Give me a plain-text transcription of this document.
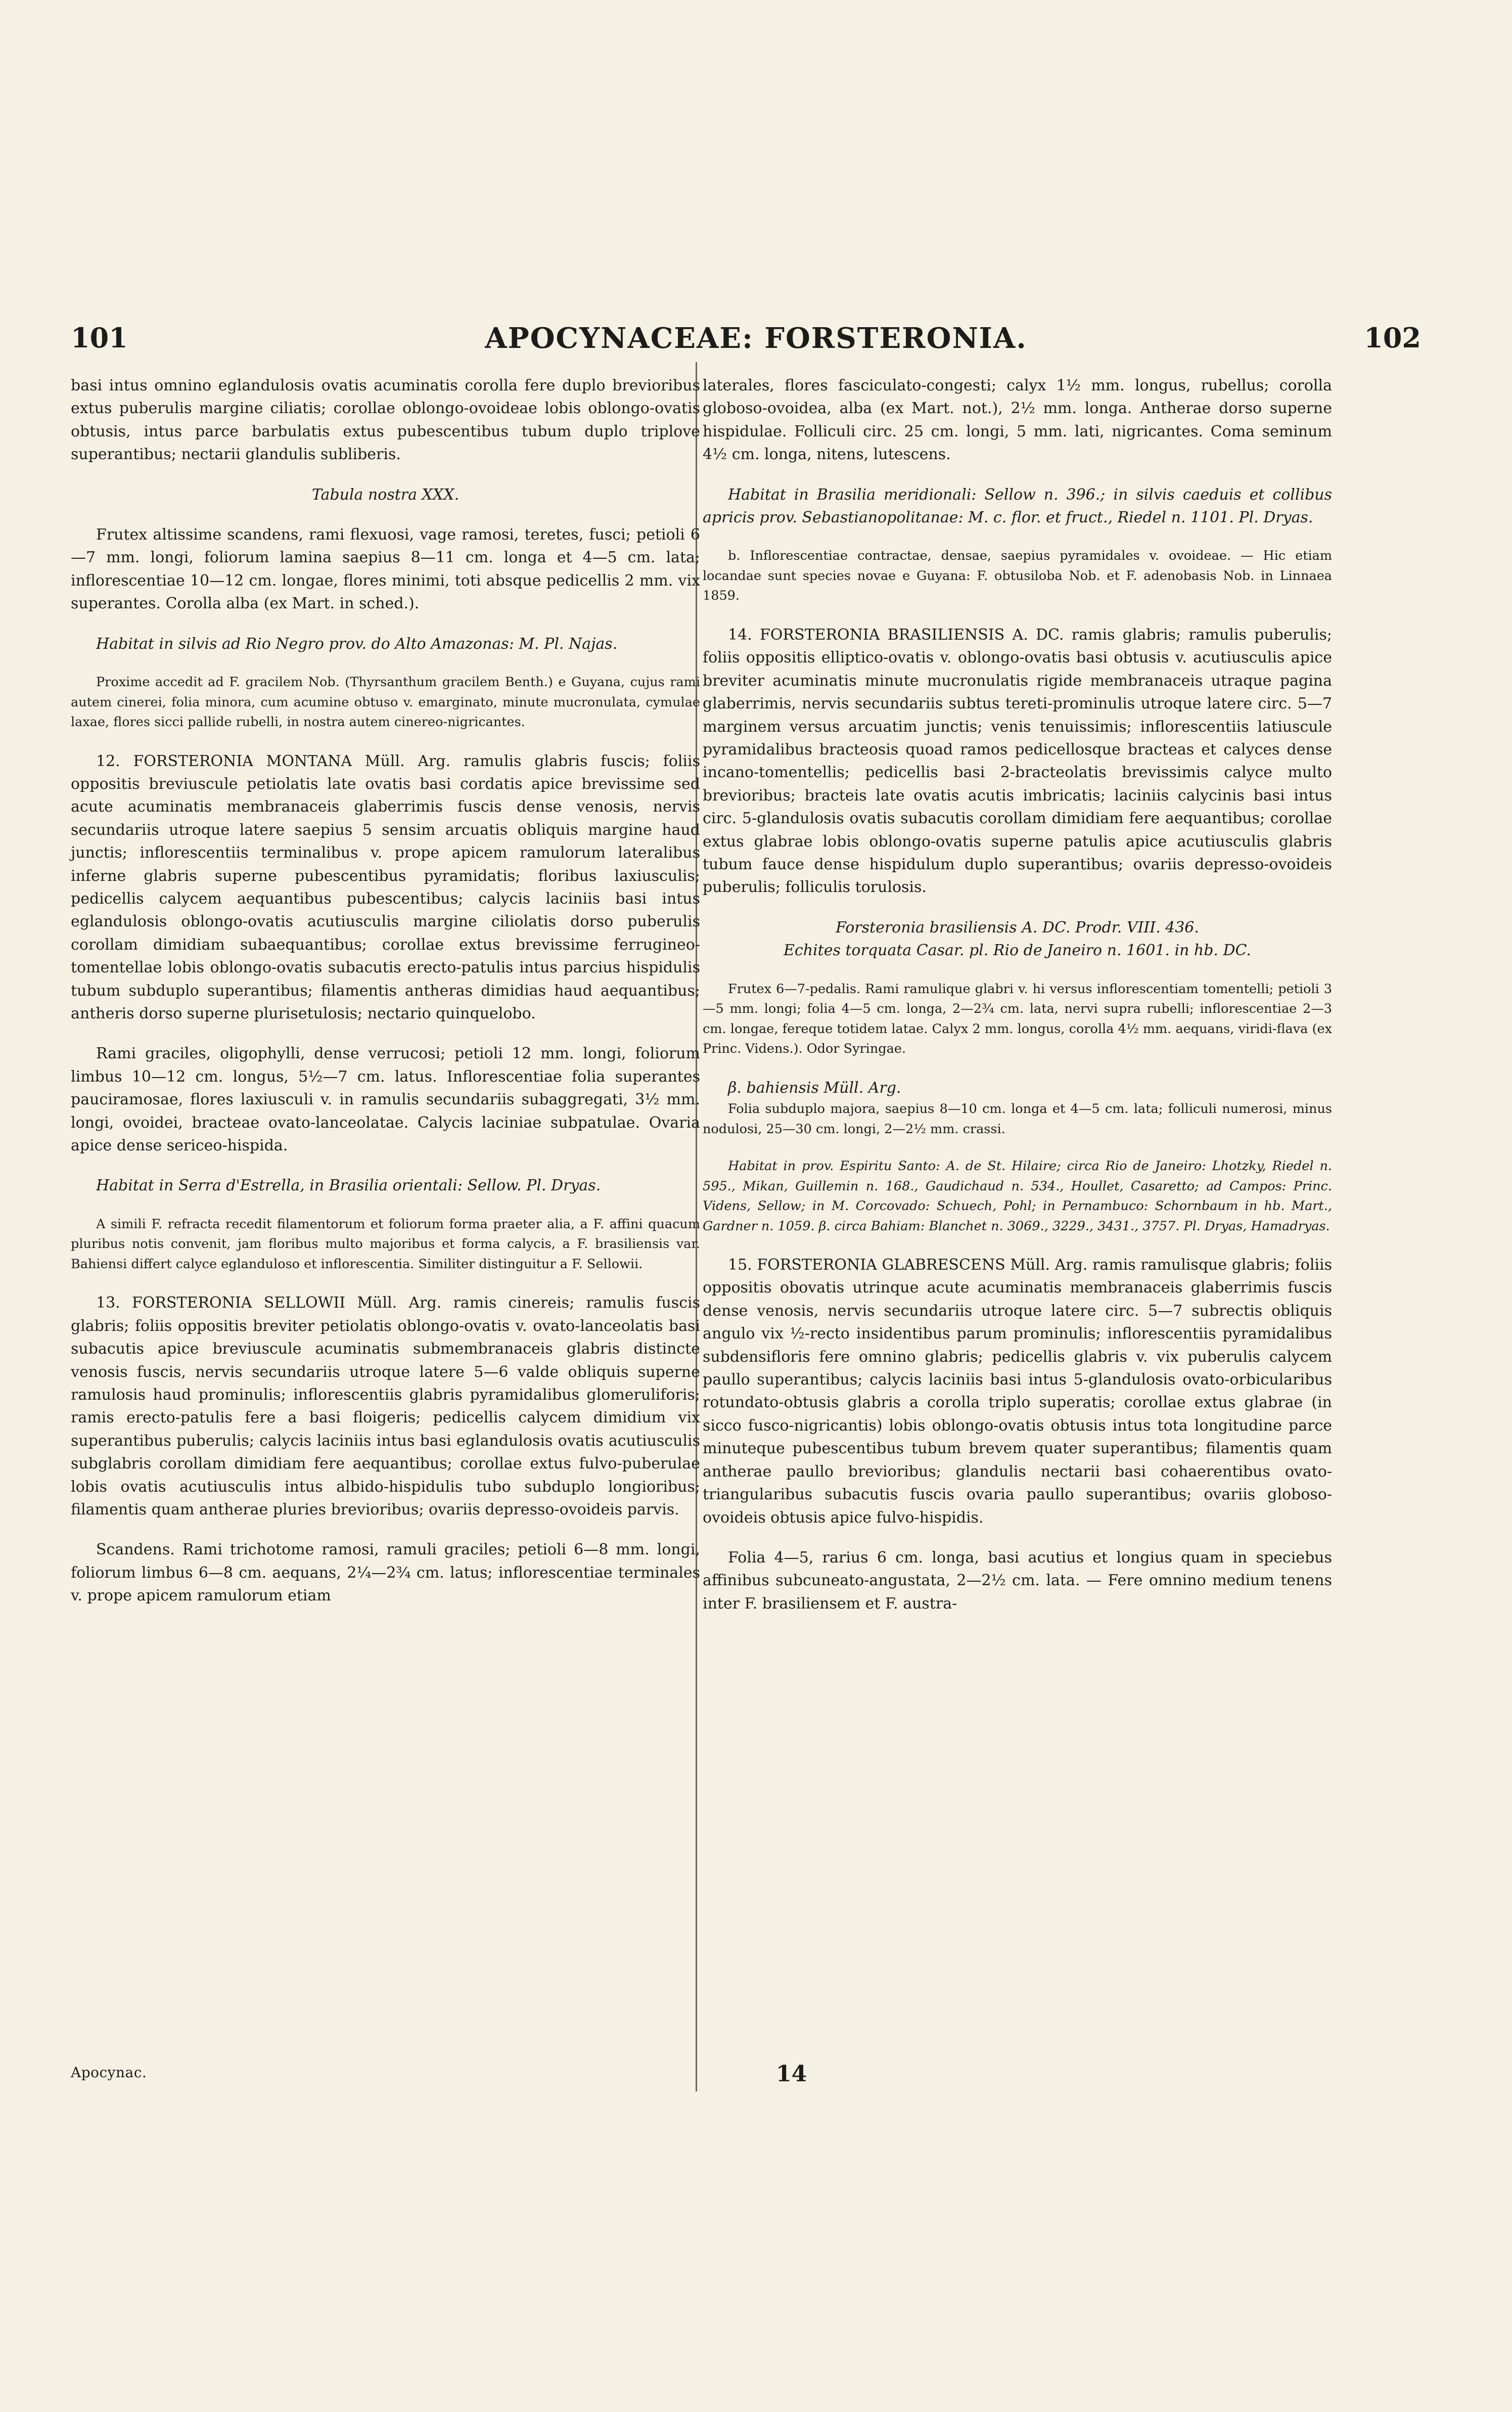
101	APOCYNACEAE: FORSTERONIA.	102

basi intus omnino eglandulosis ovatis acuminatis corolla fere duplo brevioribus extus puberulis margine ciliatis; corollae oblongo-ovoideae lobis oblongo-ovatis obtusis, intus parce barbulatis extus pubescentibus tubum duplo triplove superantibus; nectarii glandulis subliberis.

Tabula nostra XXX.

Frutex altissime scandens, rami flexuosi, vage ramosi, teretes, fusci; petioli 6—7 mm. longi, foliorum lamina saepius 8—11 cm. longa et 4—5 cm. lata; inflorescentiae 10—12 cm. longae, flores minimi, toti absque pedicellis 2 mm. vix superantes. Corolla alba (ex Mart. in sched.).

Habitat in silvis ad Rio Negro prov. do Alto Amazonas: M. Pl. Najas.

Proxime accedit ad F. gracilem Nob. (Thyrsanthum gracilem Benth.) e Guyana, cujus rami autem cinerei, folia minora, cum acumine obtuso v. emarginato, minute mucronulata, cymulae laxae, flores sicci pallide rubelli, in nostra autem cinereo-nigricantes.

12. FORSTERONIA MONTANA Müll. Arg. ramulis glabris fuscis; foliis oppositis breviuscule petiolatis late ovatis basi cordatis apice brevissime sed acute acuminatis membranaceis glaberrimis fuscis dense venosis, nervis secundariis utroque latere saepius 5 sensim arcuatis obliquis margine haud junctis; inflorescentiis terminalibus v. prope apicem ramulorum lateralibus inferne glabris superne pubescentibus pyramidatis; floribus laxiusculis; pedicellis calycem aequantibus pubescentibus; calycis laciniis basi intus eglandulosis oblongo-ovatis acutiusculis margine ciliolatis dorso puberulis corollam dimidiam subaequantibus; corollae extus brevissime ferrugineo-tomentellae lobis oblongo-ovatis subacutis erecto-patulis intus parcius hispidulis tubum subduplo superantibus; filamentis antheras dimidias haud aequantibus; antheris dorso superne plurisetulosis; nectario quinquelobo.

Rami graciles, oligophylli, dense verrucosi; petioli 12 mm. longi, foliorum limbus 10—12 cm. longus, 5½—7 cm. latus. Inflorescentiae folia superantes pauciramosae, flores laxiusculi v. in ramulis secundariis subaggregati, 3½ mm. longi, ovoidei, bracteae ovato-lanceolatae. Calycis laciniae subpatulae. Ovaria apice dense sericeo-hispida.

Habitat in Serra d'Estrella, in Brasilia orientali: Sellow. Pl. Dryas.

A simili F. refracta recedit filamentorum et foliorum forma praeter alia, a F. affini quacum pluribus notis convenit, jam floribus multo majoribus et forma calycis, a F. brasiliensis var. Bahiensi differt calyce eglanduloso et inflorescentia. Similiter distinguitur a F. Sellowii.

13. FORSTERONIA SELLOWII Müll. Arg. ramis cinereis; ramulis fuscis glabris; foliis oppositis breviter petiolatis oblongo-ovatis v. ovato-lanceolatis basi subacutis apice breviuscule acuminatis submembranaceis glabris distincte venosis fuscis, nervis secundariis utroque latere 5—6 valde obliquis superne ramulosis haud prominulis; inflorescentiis glabris pyramidalibus glomeruliforis; ramis erecto-patulis fere a basi floigeris; pedicellis calycem dimidium vix superantibus puberulis; calycis laciniis intus basi eglandulosis ovatis acutiusculis subglabris corollam dimidiam fere aequantibus; corollae extus fulvo-puberulae lobis ovatis acutiusculis intus albido-hispidulis tubo subduplo longioribus; filamentis quam antherae pluries brevioribus; ovariis depresso-ovoideis parvis.

Scandens. Rami trichotome ramosi, ramuli graciles; petioli 6—8 mm. longi, foliorum limbus 6—8 cm. aequans, 2¼—2¾ cm. latus; inflorescentiae terminales v. prope apicem ramulorum etiam

laterales, flores fasciculato-congesti; calyx 1½ mm. longus, rubellus; corolla globoso-ovoidea, alba (ex Mart. not.), 2½ mm. longa. Antherae dorso superne hispidulae. Folliculi circ. 25 cm. longi, 5 mm. lati, nigricantes. Coma seminum 4½ cm. longa, nitens, lutescens.

Habitat in Brasilia meridionali: Sellow n. 396.; in silvis caeduis et collibus apricis prov. Sebastianopolitanae: M. c. flor. et fruct., Riedel n. 1101. Pl. Dryas.

b. Inflorescentiae contractae, densae, saepius pyramidales v. ovoideae. — Hic etiam locandae sunt species novae e Guyana: F. obtusiloba Nob. et F. adenobasis Nob. in Linnaea 1859.

14. FORSTERONIA BRASILIENSIS A. DC. ramis glabris; ramulis puberulis; foliis oppositis elliptico-ovatis v. oblongo-ovatis basi obtusis v. acutiusculis apice breviter acuminatis minute mucronulatis rigide membranaceis utraque pagina glaberrimis, nervis secundariis subtus tereti-prominulis utroque latere circ. 5—7 marginem versus arcuatim junctis; venis tenuissimis; inflorescentiis latiuscule pyramidalibus bracteosis quoad ramos pedicellosque bracteas et calyces dense incano-tomentellis; pedicellis basi 2-bracteolatis brevissimis calyce multo brevioribus; bracteis late ovatis acutis imbricatis; laciniis calycinis basi intus circ. 5-glandulosis ovatis subacutis corollam dimidiam fere aequantibus; corollae extus glabrae lobis oblongo-ovatis superne patulis apice acutiusculis glabris tubum fauce dense hispidulum duplo superantibus; ovariis depresso-ovoideis puberulis; folliculis torulosis.

Forsteronia brasiliensis A. DC. Prodr. VIII. 436.

Echites torquata Casar. pl. Rio de Janeiro n. 1601. in hb. DC.

Frutex 6—7-pedalis. Rami ramulique glabri v. hi versus inflorescentiam tomentelli; petioli 3—5 mm. longi; folia 4—5 cm. longa, 2—2¾ cm. lata, nervi supra rubelli; inflorescentiae 2—3 cm. longae, fereque totidem latae. Calyx 2 mm. longus, corolla 4½ mm. aequans, viridi-flava (ex Princ. Videns.). Odor Syringae.

β. bahiensis Müll. Arg.

Folia subduplo majora, saepius 8—10 cm. longa et 4—5 cm. lata; folliculi numerosi, minus nodulosi, 25—30 cm. longi, 2—2½ mm. crassi.

Habitat in prov. Espiritu Santo: A. de St. Hilaire; circa Rio de Janeiro: Lhotzky, Riedel n. 595., Mikan, Guillemin n. 168., Gaudichaud n. 534., Houllet, Casaretto; ad Campos: Princ. Videns, Sellow; in M. Corcovado: Schuech, Pohl; in Pernambuco: Schornbaum in hb. Mart., Gardner n. 1059. β. circa Bahiam: Blanchet n. 3069., 3229., 3431., 3757. Pl. Dryas, Hamadryas.

15. FORSTERONIA GLABRESCENS Müll. Arg. ramis ramulisque glabris; foliis oppositis obovatis utrinque acute acuminatis membranaceis glaberrimis fuscis dense venosis, nervis secundariis utroque latere circ. 5—7 subrectis obliquis angulo vix ½-recto insidentibus parum prominulis; inflorescentiis pyramidalibus subdensifloris fere omnino glabris; pedicellis glabris v. vix puberulis calycem paullo superantibus; calycis laciniis basi intus 5-glandulosis ovato-orbicularibus rotundato-obtusis glabris a corolla triplo superatis; corollae extus glabrae (in sicco fusco-nigricantis) lobis oblongo-ovatis obtusis intus tota longitudine parce minuteque pubescentibus tubum brevem quater superantibus; filamentis quam antherae paullo brevioribus; glandulis nectarii basi cohaerentibus ovato-triangularibus subacutis fuscis ovaria paullo superantibus; ovariis globoso-ovoideis obtusis apice fulvo-hispidis.

Folia 4—5, rarius 6 cm. longa, basi acutius et longius quam in speciebus affinibus subcuneato-angustata, 2—2½ cm. lata. — Fere omnino medium tenens inter F. brasiliensem et F. austra-

Apocynac.	14
